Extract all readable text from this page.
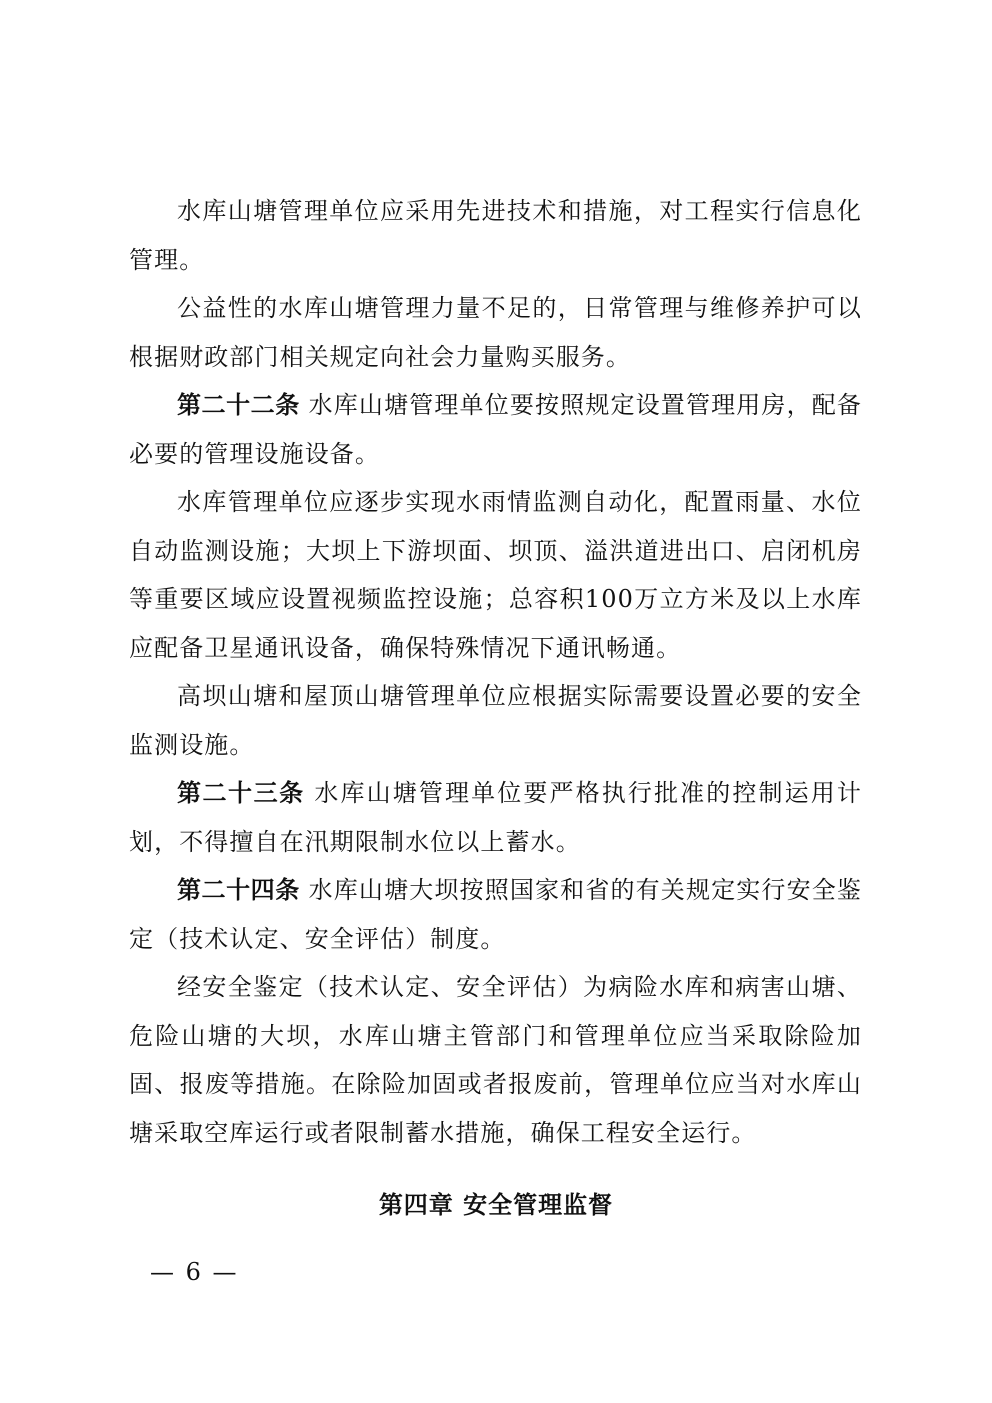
水库山塘管理单位应采用先进技术和措施，对工程实行信息化管理。

公益性的水库山塘管理力量不足的，日常管理与维修养护可以根据财政部门相关规定向社会力量购买服务。

第二十二条 水库山塘管理单位要按照规定设置管理用房，配备必要的管理设施设备。

水库管理单位应逐步实现水雨情监测自动化，配置雨量、水位自动监测设施；大坝上下游坝面、坝顶、溢洪道进出口、启闭机房等重要区域应设置视频监控设施；总容积100万立方米及以上水库应配备卫星通讯设备，确保特殊情况下通讯畅通。

高坝山塘和屋顶山塘管理单位应根据实际需要设置必要的安全监测设施。

第二十三条 水库山塘管理单位要严格执行批准的控制运用计划，不得擅自在汛期限制水位以上蓄水。

第二十四条 水库山塘大坝按照国家和省的有关规定实行安全鉴定（技术认定、安全评估）制度。

经安全鉴定（技术认定、安全评估）为病险水库和病害山塘、危险山塘的大坝，水库山塘主管部门和管理单位应当采取除险加固、报废等措施。在除险加固或者报废前，管理单位应当对水库山塘采取空库运行或者限制蓄水措施，确保工程安全运行。

第四章 安全管理监督
— 6 —
